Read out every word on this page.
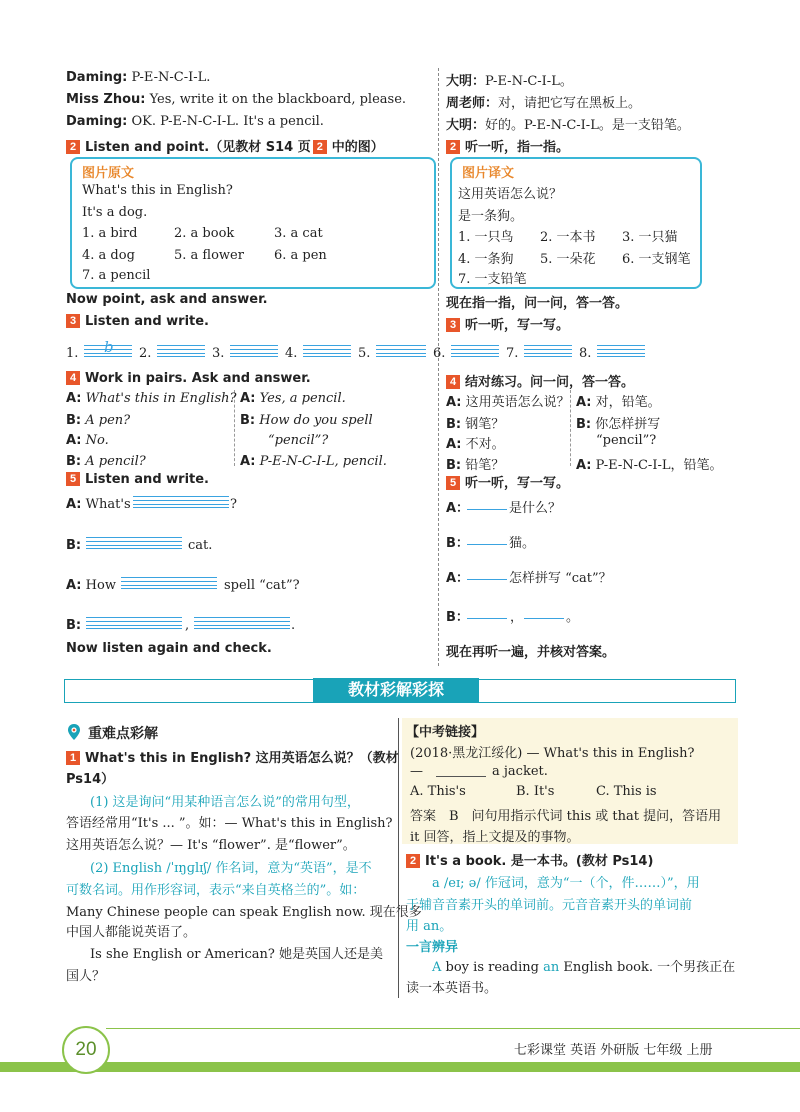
Daming: P-E-N-C-I-L.
Miss Zhou: Yes, write it on the blackboard, please.
Daming: OK. P-E-N-C-I-L. It's a pencil.
大明：P-E-N-C-I-L。
周老师：对，请把它写在黑板上。
大明：好的。P-E-N-C-I-L。是一支铅笔。
2 Listen and point.（见教材 S14 页 2 中的图）	2 听一听，指一指。
图片原文
What's this in English?
It's a dog.
1. a bird	2. a book	3. a cat
4. a dog	5. a flower 6. a pen
7. a pencil
图片译文
这用英语怎么说？
是一条狗。
1. 一只鸟 2. 一本书 3. 一只猫
4. 一条狗 5. 一朵花 6. 一支钢笔
7. 一支铅笔
Now point, ask and answer.	现在指一指，问一问，答一答。
3 Listen and write.	3 听一听，写一写。
1. b 2.	3.	4.	5.	6.	7.	8.
4 Work in pairs. Ask and answer.	4 结对练习。问一问，答一答。
A: What's this in English?
B: A pen?
A: No.
B: A pencil?
A: Yes, a pencil.
B: How do you spell
“pencil”?
A: P-E-N-C-I-L, pencil.
A: 这用英语怎么说？
B: 钢笔？
A: 不对。
B: 铅笔？
A: 对，铅笔。
B: 你怎样拼写
“pencil”?
A: P-E-N-C-I-L，铅笔。
5 Listen and write.	5 听一听，写一写。
A: What's	?
B:	cat.
A: How	spell “cat”?
B:	,	.
A：	是什么？
B：	猫。
A：	怎样拼写 “cat”？
B：	，	。
Now listen again and check.	现在再听一遍，并核对答案。
教材彩解彩探
重难点彩解
1 What's this in English? 这用英语怎么说？（教材
Ps14）
(1) 这是询问“用某种语言怎么说”的常用句型，
答语经常用“It's ... ”。如：— What's this in English?
这用英语怎么说？— It's “flower”. 是“flower”。
(2) English /ˈɪŋɡlɪʃ/ 作名词，意为“英语”，是不
可数名词。用作形容词，表示“来自英格兰的”。如：
Many Chinese people can speak English now. 现在很多
中国人都能说英语了。
Is she English or American? 她是英国人还是美
国人？
【中考链接】
(2018·黑龙江绥化) — What's this in English?
—	a jacket.
A. This's	B. It's	C. This is
答案　B　问句用指示代词 this 或 that 提问，答语用
it 回答，指上文提及的事物。
2 It's a book. 是一本书。(教材 Ps14)
a /eɪ; ə/ 作冠词，意为“一（个，件……）”，用
于辅音音素开头的单词前。元音音素开头的单词前
用 an。
一言辨异
A boy is reading an English book. 一个男孩正在
读一本英语书。
20	七彩课堂 英语 外研版 七年级 上册
